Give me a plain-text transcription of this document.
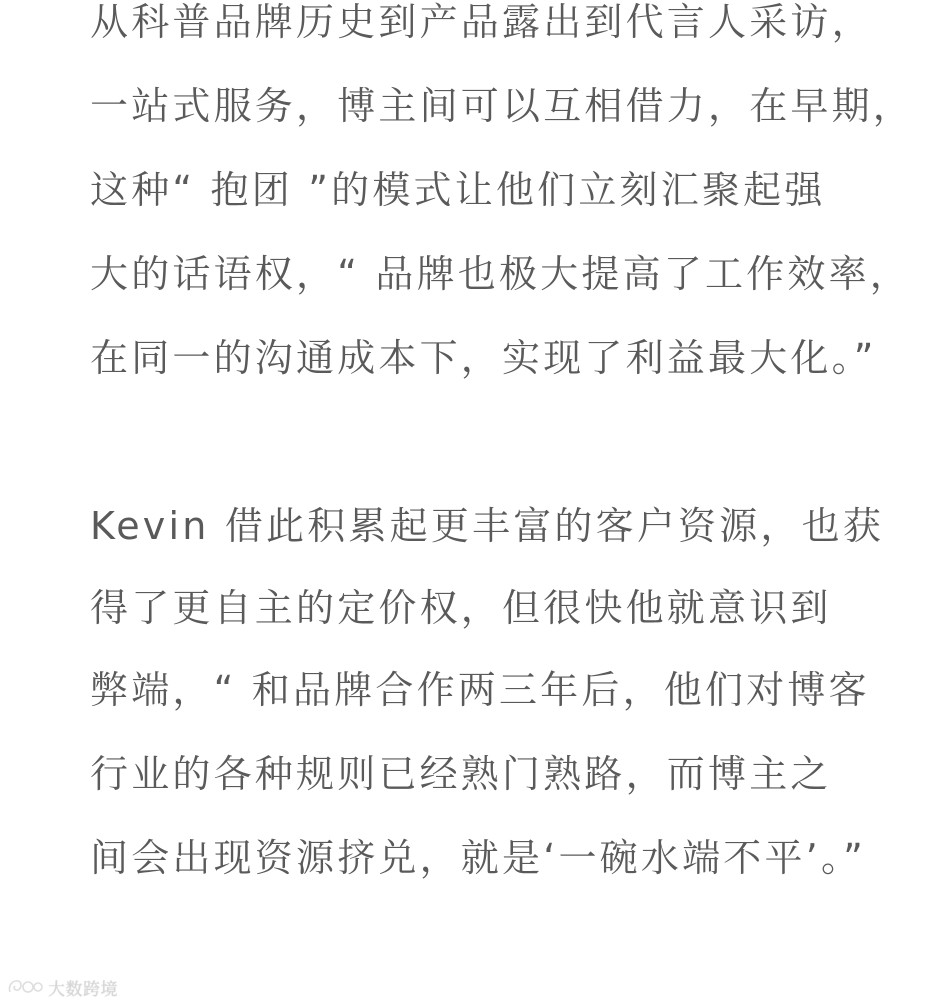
从科普品牌历史到产品露出到代言人采访，
一站式服务，博主间可以互相借力，在早期，
这种“ 抱团 ”的模式让他们立刻汇聚起强
大的话语权，“ 品牌也极大提高了工作效率，
在同一的沟通成本下，实现了利益最大化。”
Kevin 借此积累起更丰富的客户资源，也获
得了更自主的定价权，但很快他就意识到
弊端，“ 和品牌合作两三年后，他们对博客
行业的各种规则已经熟门熟路，而博主之
间会出现资源挤兑，就是‘一碗水端不平’。”
大数跨境
